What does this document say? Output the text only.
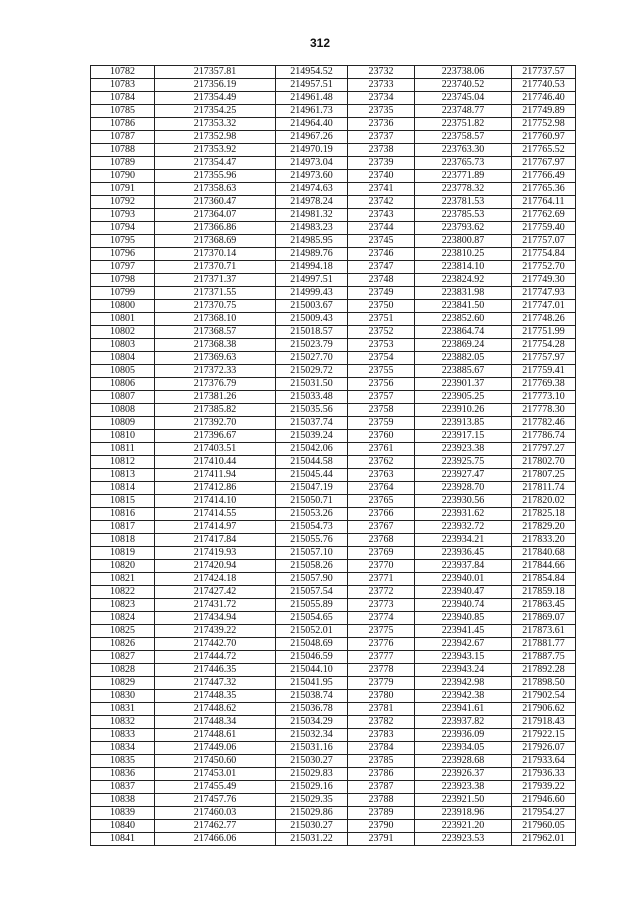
312
10782	217357.81	214954.52	23732	223738.06	217737.57
10783	217356.19	214957.51	23733	223740.52	217740.53
10784	217354.49	214961.48	23734	223745.04	217746.40
10785	217354.25	214961.73	23735	223748.77	217749.89
10786	217353.32	214964.40	23736	223751.82	217752.98
10787	217352.98	214967.26	23737	223758.57	217760.97
10788	217353.92	214970.19	23738	223763.30	217765.52
10789	217354.47	214973.04	23739	223765.73	217767.97
10790	217355.96	214973.60	23740	223771.89	217766.49
10791	217358.63	214974.63	23741	223778.32	217765.36
10792	217360.47	214978.24	23742	223781.53	217764.11
10793	217364.07	214981.32	23743	223785.53	217762.69
10794	217366.86	214983.23	23744	223793.62	217759.40
10795	217368.69	214985.95	23745	223800.87	217757.07
10796	217370.14	214989.76	23746	223810.25	217754.84
10797	217370.71	214994.18	23747	223814.10	217752.70
10798	217371.37	214997.51	23748	223824.92	217749.30
10799	217371.55	214999.43	23749	223831.98	217747.93
10800	217370.75	215003.67	23750	223841.50	217747.01
10801	217368.10	215009.43	23751	223852.60	217748.26
10802	217368.57	215018.57	23752	223864.74	217751.99
10803	217368.38	215023.79	23753	223869.24	217754.28
10804	217369.63	215027.70	23754	223882.05	217757.97
10805	217372.33	215029.72	23755	223885.67	217759.41
10806	217376.79	215031.50	23756	223901.37	217769.38
10807	217381.26	215033.48	23757	223905.25	217773.10
10808	217385.82	215035.56	23758	223910.26	217778.30
10809	217392.70	215037.74	23759	223913.85	217782.46
10810	217396.67	215039.24	23760	223917.15	217786.74
10811	217403.51	215042.06	23761	223923.38	217797.27
10812	217410.44	215044.58	23762	223925.75	217802.70
10813	217411.94	215045.44	23763	223927.47	217807.25
10814	217412.86	215047.19	23764	223928.70	217811.74
10815	217414.10	215050.71	23765	223930.56	217820.02
10816	217414.55	215053.26	23766	223931.62	217825.18
10817	217414.97	215054.73	23767	223932.72	217829.20
10818	217417.84	215055.76	23768	223934.21	217833.20
10819	217419.93	215057.10	23769	223936.45	217840.68
10820	217420.94	215058.26	23770	223937.84	217844.66
10821	217424.18	215057.90	23771	223940.01	217854.84
10822	217427.42	215057.54	23772	223940.47	217859.18
10823	217431.72	215055.89	23773	223940.74	217863.45
10824	217434.94	215054.65	23774	223940.85	217869.07
10825	217439.22	215052.01	23775	223941.45	217873.61
10826	217442.70	215048.69	23776	223942.67	217881.77
10827	217444.72	215046.59	23777	223943.15	217887.75
10828	217446.35	215044.10	23778	223943.24	217892.28
10829	217447.32	215041.95	23779	223942.98	217898.50
10830	217448.35	215038.74	23780	223942.38	217902.54
10831	217448.62	215036.78	23781	223941.61	217906.62
10832	217448.34	215034.29	23782	223937.82	217918.43
10833	217448.61	215032.34	23783	223936.09	217922.15
10834	217449.06	215031.16	23784	223934.05	217926.07
10835	217450.60	215030.27	23785	223928.68	217933.64
10836	217453.01	215029.83	23786	223926.37	217936.33
10837	217455.49	215029.16	23787	223923.38	217939.22
10838	217457.76	215029.35	23788	223921.50	217946.60
10839	217460.03	215029.86	23789	223918.96	217954.27
10840	217462.77	215030.27	23790	223921.20	217960.05
10841	217466.06	215031.22	23791	223923.53	217962.01
